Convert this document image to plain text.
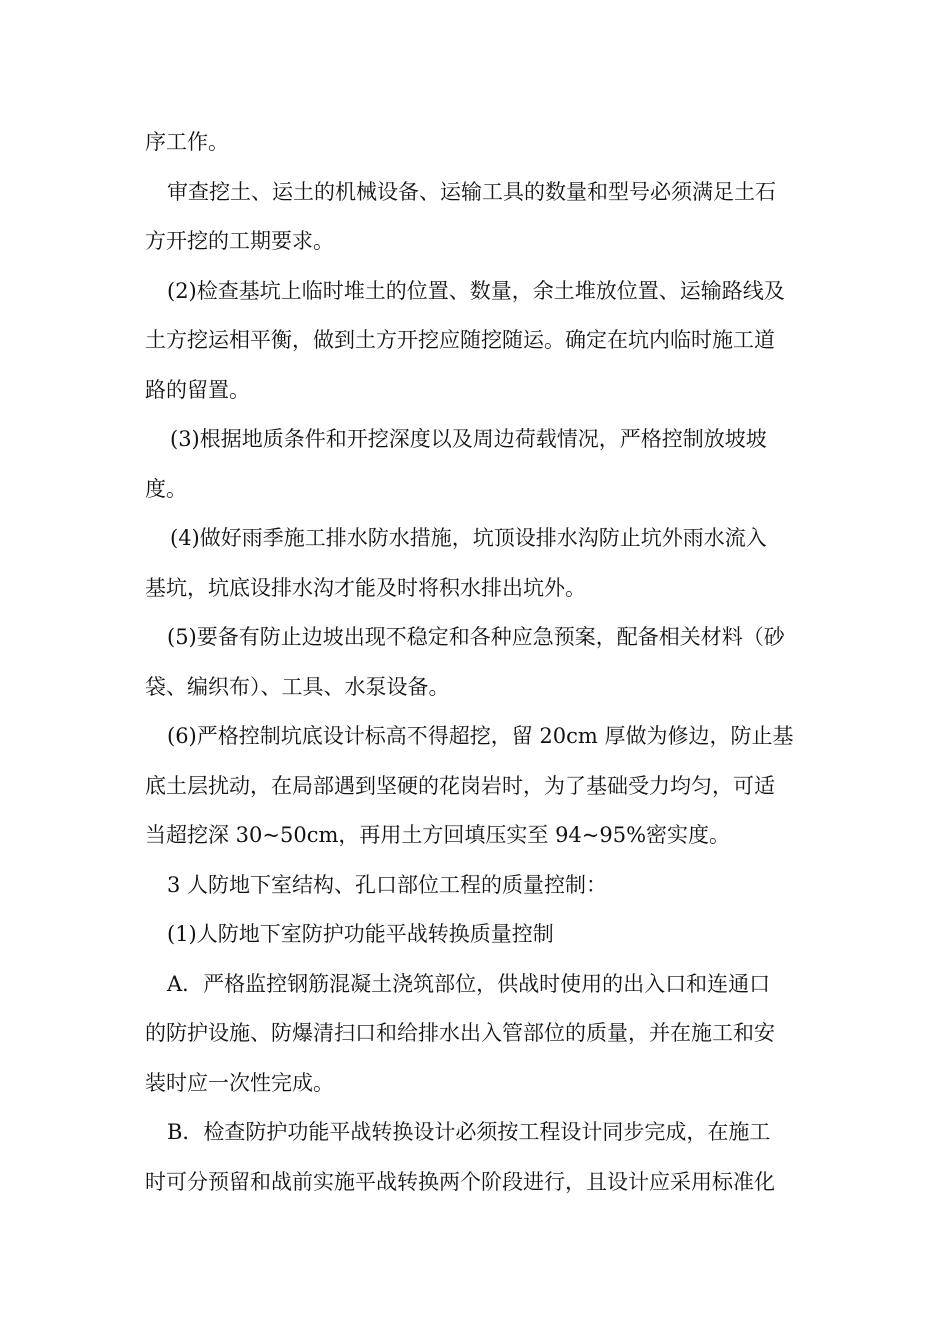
序工作。
审查挖土、运土的机械设备、运输工具的数量和型号必须满足土石
方开挖的工期要求。
(2)检查基坑上临时堆土的位置、数量，余土堆放位置、运输路线及
土方挖运相平衡，做到土方开挖应随挖随运。确定在坑内临时施工道
路的留置。
(3)根据地质条件和开挖深度以及周边荷载情况，严格控制放坡坡
度。
(4)做好雨季施工排水防水措施，坑顶设排水沟防止坑外雨水流入
基坑，坑底设排水沟才能及时将积水排出坑外。
(5)要备有防止边坡出现不稳定和各种应急预案，配备相关材料（砂
袋、编织布）、工具、水泵设备。
(6)严格控制坑底设计标高不得超挖，留 20cm 厚做为修边，防止基
底土层扰动，在局部遇到坚硬的花岗岩时，为了基础受力均匀，可适
当超挖深 30~50cm，再用土方回填压实至 94~95%密实度。
3 人防地下室结构、孔口部位工程的质量控制：
(1)人防地下室防护功能平战转换质量控制
A．严格监控钢筋混凝土浇筑部位，供战时使用的出入口和连通口
的防护设施、防爆清扫口和给排水出入管部位的质量，并在施工和安
装时应一次性完成。
B．检查防护功能平战转换设计必须按工程设计同步完成，在施工
时可分预留和战前实施平战转换两个阶段进行，且设计应采用标准化
